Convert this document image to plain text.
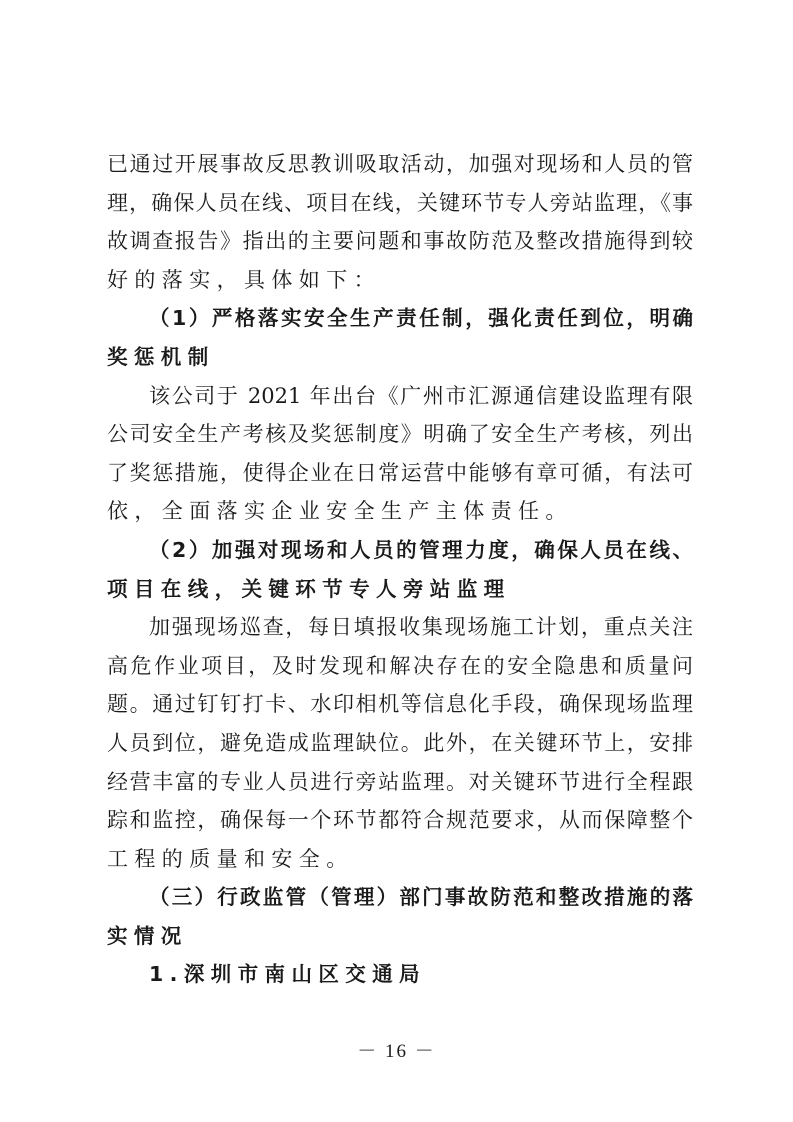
已通过开展事故反思教训吸取活动，加强对现场和人员的管
理，确保人员在线、项目在线，关键环节专人旁站监理，《事
故调查报告》指出的主要问题和事故防范及整改措施得到较
好的落实，具体如下：
（1）严格落实安全生产责任制，强化责任到位，明确
奖惩机制
该公司于 2021 年出台《广州市汇源通信建设监理有限
公司安全生产考核及奖惩制度》明确了安全生产考核，列出
了奖惩措施，使得企业在日常运营中能够有章可循，有法可
依，全面落实企业安全生产主体责任。
（2）加强对现场和人员的管理力度，确保人员在线、
项目在线，关键环节专人旁站监理
加强现场巡查，每日填报收集现场施工计划，重点关注
高危作业项目，及时发现和解决存在的安全隐患和质量问
题。通过钉钉打卡、水印相机等信息化手段，确保现场监理
人员到位，避免造成监理缺位。此外，在关键环节上，安排
经营丰富的专业人员进行旁站监理。对关键环节进行全程跟
踪和监控，确保每一个环节都符合规范要求，从而保障整个
工程的质量和安全。
（三）行政监管（管理）部门事故防范和整改措施的落
实情况
1.深圳市南山区交通局
－ 16 －
